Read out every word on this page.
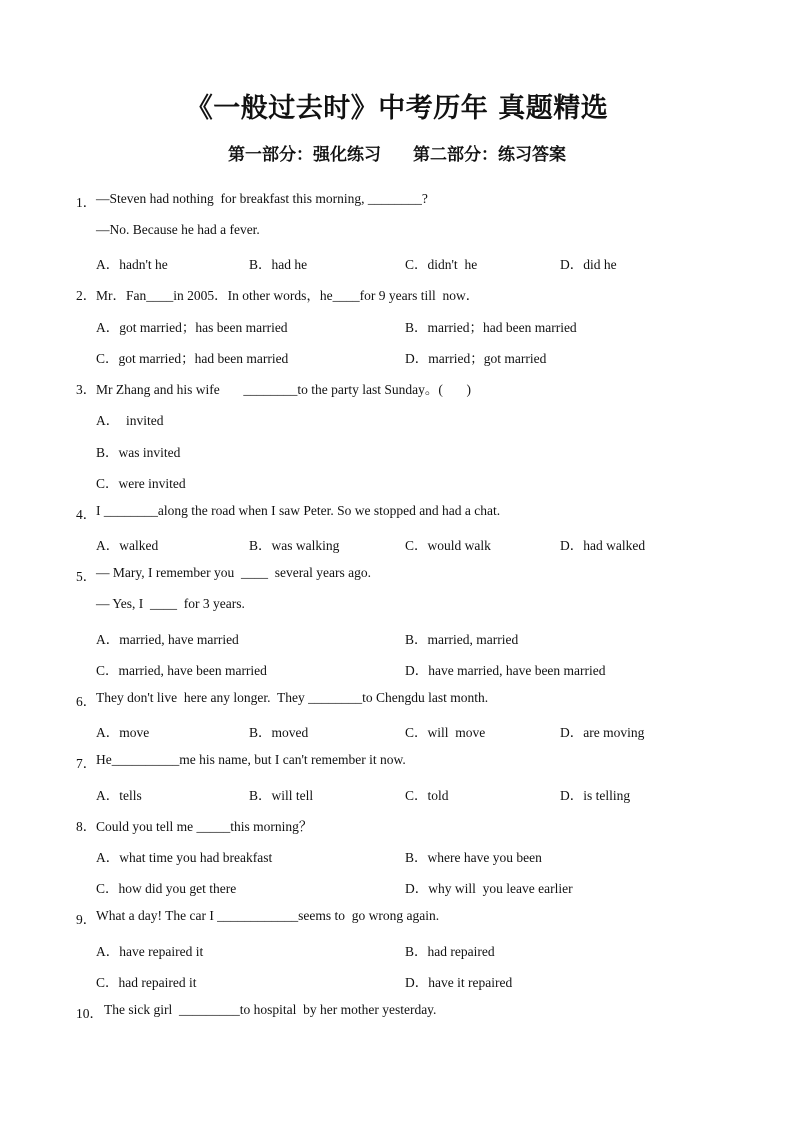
《一般过去时》中考历年 真题精选
第一部分：强化练习 第二部分：练习答案
1． —Steven had nothing  for breakfast this morning, ________?
—No. Because he had a fever.
A．hadn't he	B．had he	C．didn't  he	D．did he
2． Mr．Fan____in 2005．In other words，he____for 9 years till  now．
A．got married；has been married	B．married；had been married
C．got married；had been married	D．married；got married
3． Mr Zhang and his wife       ________to the party last Sunday。(       )
A．  invited
B．was invited
C．were invited
4． I ________along the road when I saw Peter. So we stopped and had a chat.
A．walked	B．was walking	C．would walk	D．had walked
5． — Mary, I remember you  ____  several years ago.
— Yes, I  ____  for 3 years.
A．married, have married	B．married, married
C．married, have been married	D．have married, have been married
6． They don't live  here any longer.  They ________to Chengdu last month.
A．move	B．moved	C．will  move	D．are moving
7． He__________me his name, but I can't remember it now.
A．tells	B．will tell	C．told	D．is telling
8． Could you tell me _____this morning？
A．what time you had breakfast	B．where have you been
C．how did you get there	D．why will  you leave earlier
9． What a day! The car I ____________seems to  go wrong again.
A．have repaired it	B．had repaired
C．had repaired it	D．have it repaired
10． The sick girl  _________to hospital  by her mother yesterday.
